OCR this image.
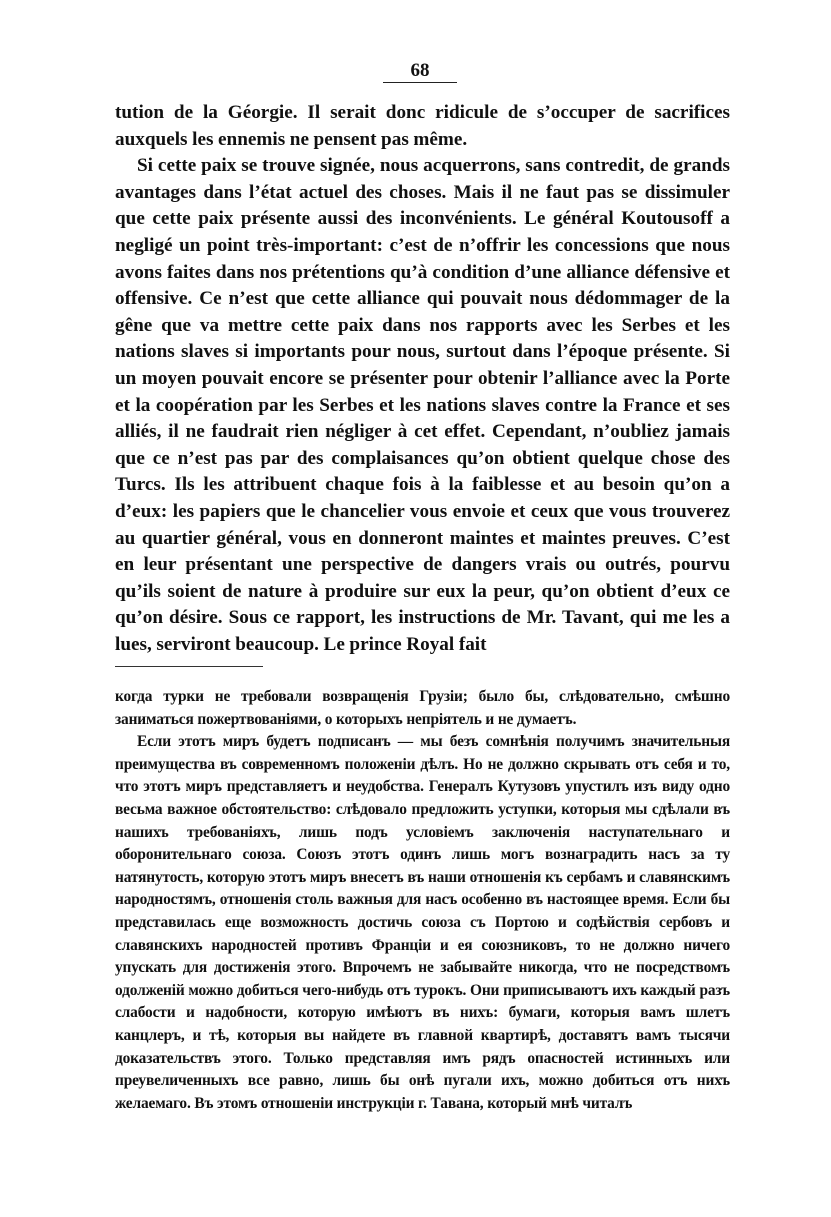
68

tution de la Géorgie. Il serait donc ridicule de s’occuper de sacrifices auxquels les ennemis ne pensent pas même.

Si cette paix se trouve signée, nous acquerrons, sans contredit, de grands avantages dans l’état actuel des choses. Mais il ne faut pas se dissimuler que cette paix présente aussi des inconvénients. Le général Koutousoff a negligé un point très-important: c’est de n’offrir les concessions que nous avons faites dans nos prétentions qu’à condition d’une alliance défensive et offensive. Ce n’est que cette alliance qui pouvait nous dédommager de la gêne que va mettre cette paix dans nos rapports avec les Serbes et les nations slaves si importants pour nous, surtout dans l’époque présente. Si un moyen pouvait encore se présenter pour obtenir l’alliance avec la Porte et la coopération par les Serbes et les nations slaves contre la France et ses alliés, il ne faudrait rien négliger à cet effet. Cependant, n’oubliez jamais que ce n’est pas par des complaisances qu’on obtient quelque chose des Turcs. Ils les attribuent chaque fois à la faiblesse et au besoin qu’on a d’eux: les papiers que le chancelier vous envoie et ceux que vous trouverez au quartier général, vous en donneront maintes et maintes preuves. C’est en leur présentant une perspective de dangers vrais ou outrés, pourvu qu’ils soient de nature à produire sur eux la peur, qu’on obtient d’eux ce qu’on désire. Sous ce rapport, les instructions de Mr. Tavant, qui me les a lues, serviront beaucoup. Le prince Royal fait

когда турки не требовали возвращенія Грузіи; было бы, слѣдовательно, смѣшно заниматься пожертвованіями, о которыхъ непріятель и не думаетъ.

Если этотъ миръ будетъ подписанъ — мы безъ сомнѣнія получимъ значительныя преимущества въ современномъ положеніи дѣлъ. Но не должно скрывать отъ себя и то, что этотъ миръ представляетъ и неудобства. Генералъ Кутузовъ упустилъ изъ виду одно весьма важное обстоятельство: слѣдовало предложить уступки, которыя мы сдѣлали въ нашихъ требованіяхъ, лишь подъ условіемъ заключенія наступательнаго и оборонительнаго союза. Союзъ этотъ одинъ лишь могъ вознаградить насъ за ту натянутость, которую этотъ миръ внесетъ въ наши отношенія къ сербамъ и славянскимъ народностямъ, отношенія столь важныя для насъ особенно въ настоящее время. Если бы представилась еще возможность достичь союза съ Портою и содѣйствія сербовъ и славянскихъ народностей противъ Франціи и ея союзниковъ, то не должно ничего упускать для достиженія этого. Впрочемъ не забывайте никогда, что не посредствомъ одолженій можно добиться чего-нибудь отъ турокъ. Они приписываютъ ихъ каждый разъ слабости и надобности, которую имѣютъ въ нихъ: бумаги, которыя вамъ шлетъ канцлеръ, и тѣ, которыя вы найдете въ главной квартирѣ, доставятъ вамъ тысячи доказательствъ этого. Только представляя имъ рядъ опасностей истинныхъ или преувеличенныхъ все равно, лишь бы онѣ пугали ихъ, можно добиться отъ нихъ желаемаго. Въ этомъ отношеніи инструкціи г. Тавана, который мнѣ читалъ
